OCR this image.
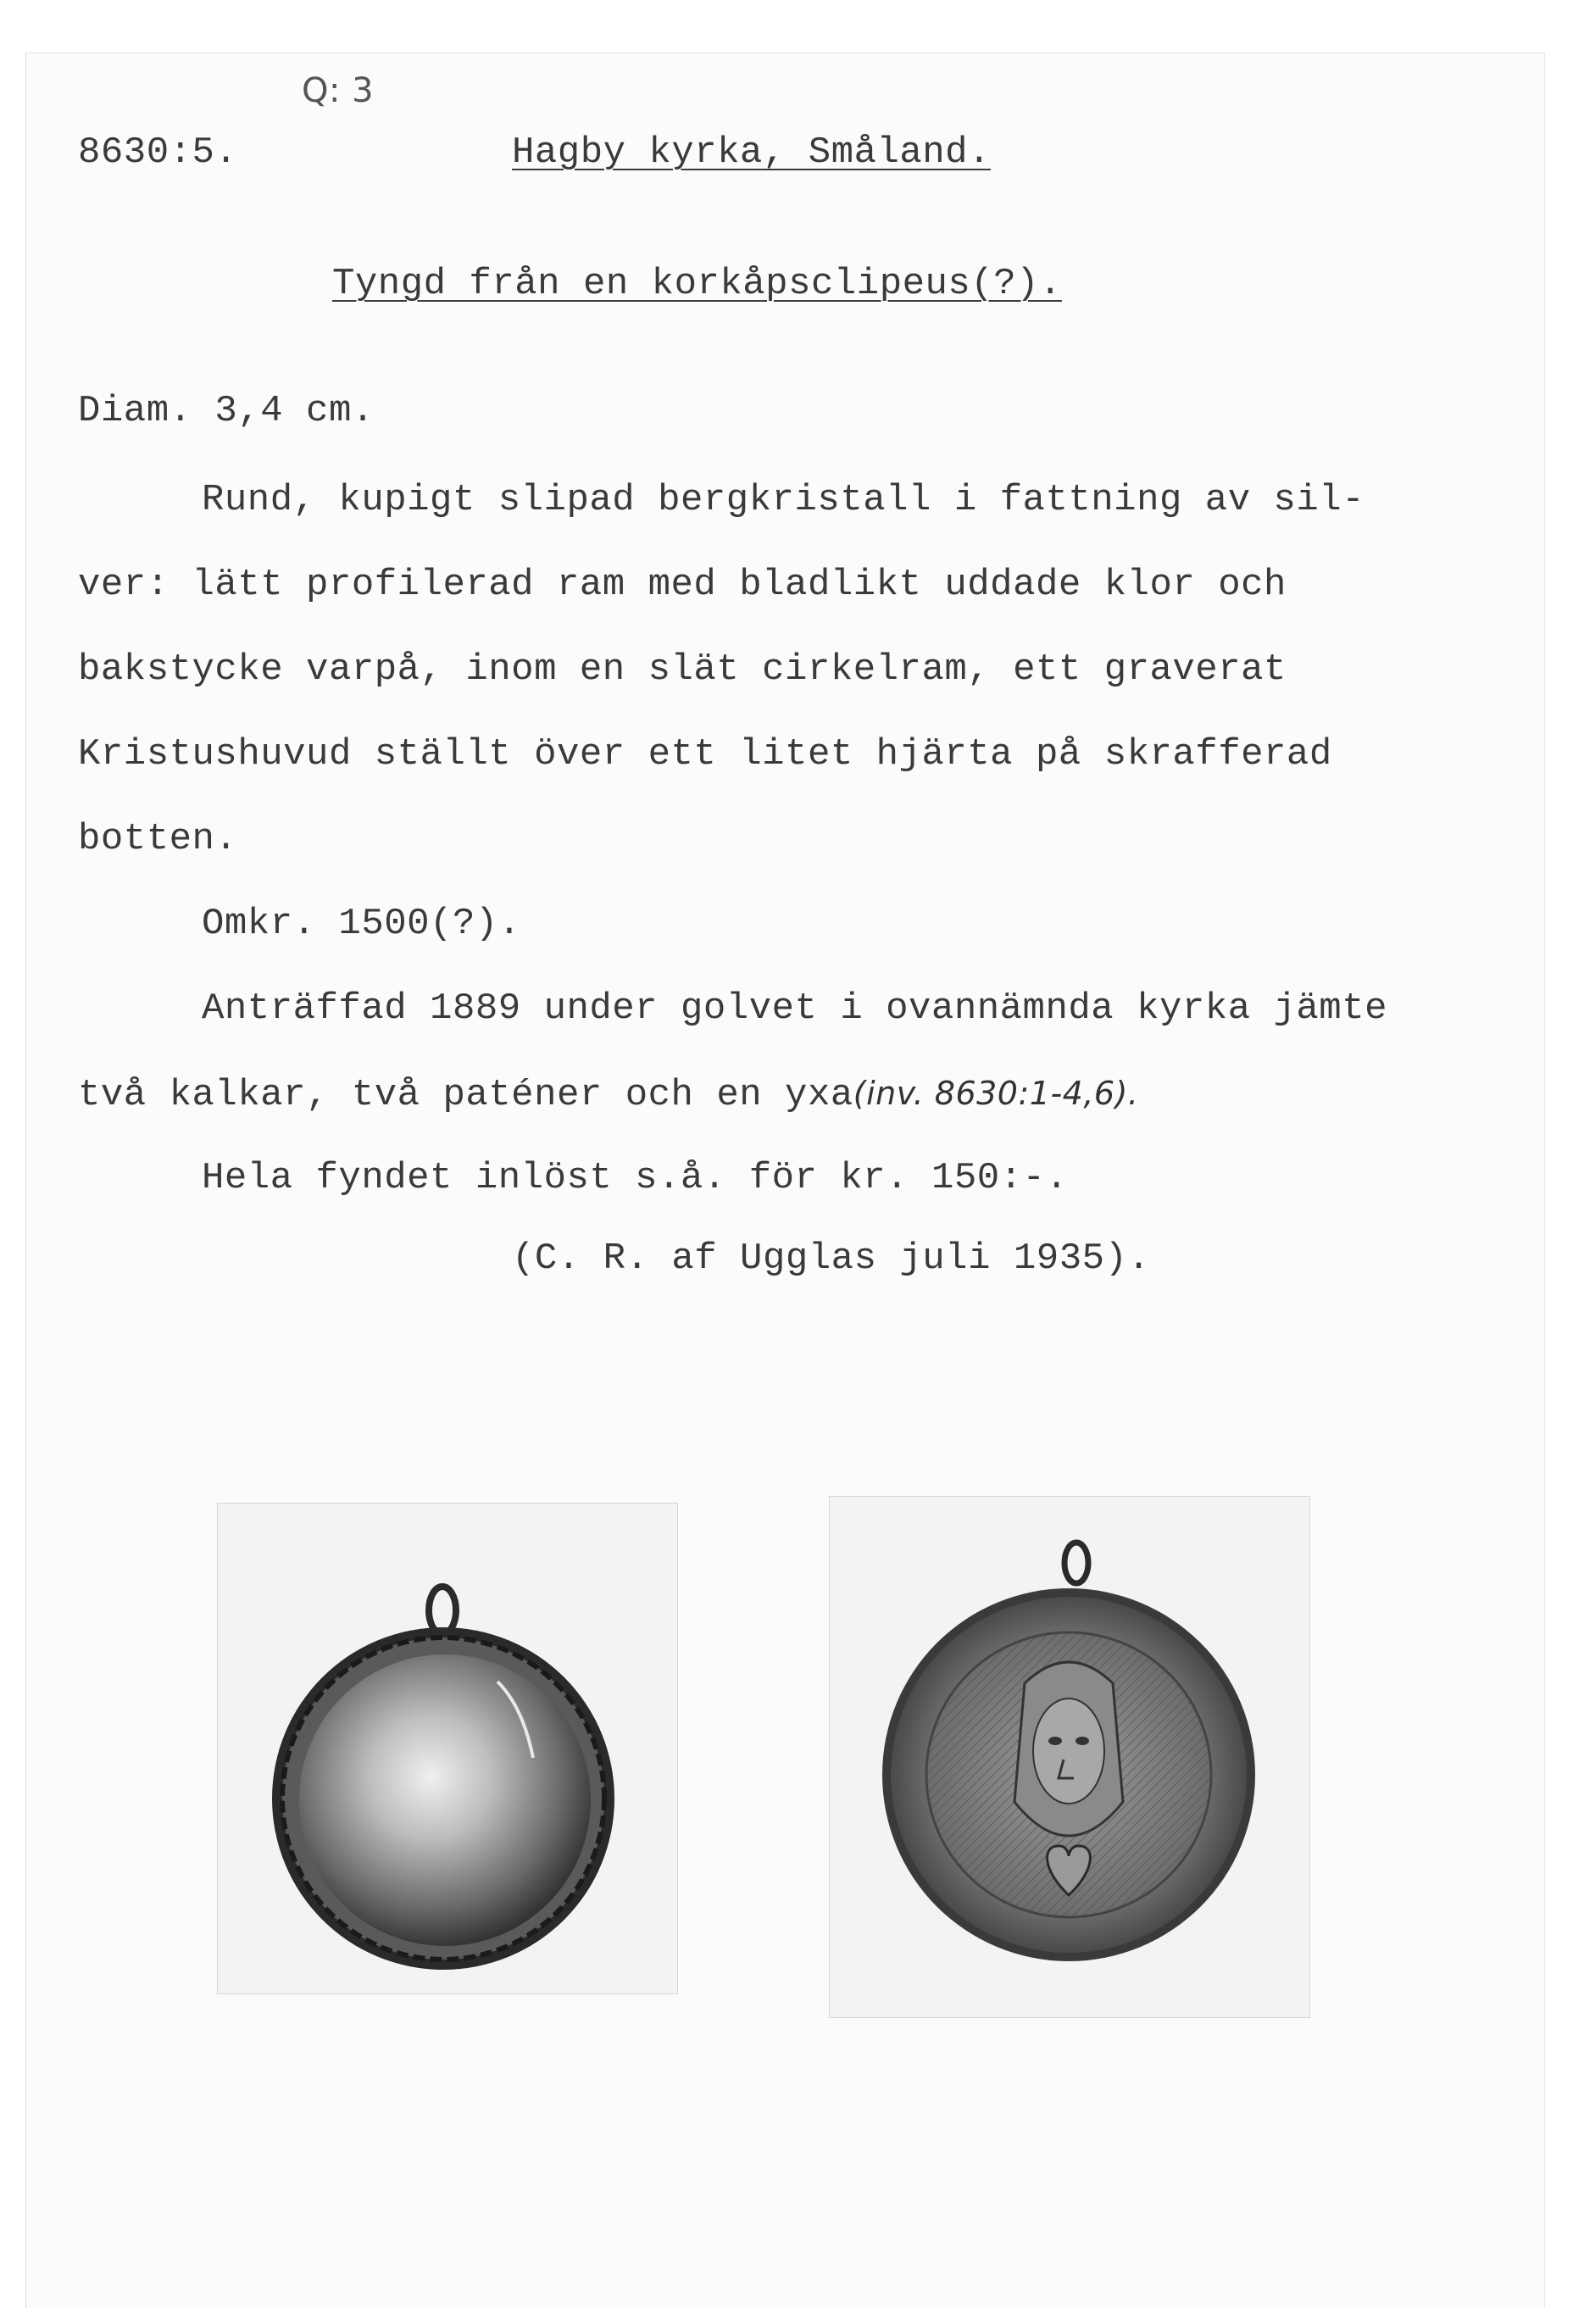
Q: 3
8630:5.	Hagby kyrka, Småland.
Tyngd från en korkåpsclipeus(?).
Diam. 3,4 cm.
Rund, kupigt slipad bergkristall i fattning av sil-
ver: lätt profilerad ram med bladlikt uddade klor och
bakstycke varpå, inom en slät cirkelram, ett graverat
Kristushuvud ställt över ett litet hjärta på skrafferad
botten.
Omkr. 1500(?).
Anträffad 1889 under golvet i ovannämnda kyrka jämte
två kalkar, två paténer och en yxa(inv. 8630:1-4,6).
Hela fyndet inlöst s.å. för kr. 150:-.
(C. R. af Ugglas juli 1935).
